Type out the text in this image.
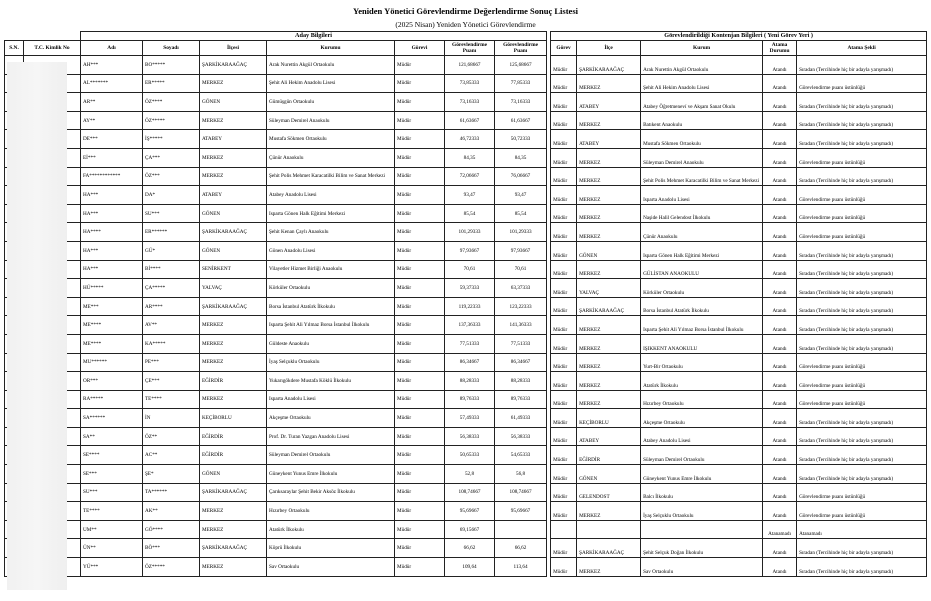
Yeniden Yönetici Görevlendirme Değerlendirme Sonuç Listesi
(2025 Nisan) Yeniden Yönetici Görevlendirme
		Aday Bilgileri								Görevlendirildiği Kontenjan Bilgileri ( Yeni Görev Yeri )				
S.N.	T.C. Kimlik No	Adı	Soyadı	İlçesi	Kurumu	Görevi	Görevlendirme Puanı	Görevlendirme Puanı		Görev	İlçe	Kurum	Atama Durumu	Atama Şekli
		AH***	BO*****	ŞARKİKARAAĞAÇ	Arak Nurettin Akgül Ortaokulu	Müdür	121,68667	125,68667		Müdür	ŞARKİKARAAĞAÇ	Arak Nurettin Akgül Ortaokulu	Atandı	Sıradan (Tercihinde hiç bir adayla yarışmadı)
		AL*******	ER*****	MERKEZ	Şehit Ali Hekim Anadolu Lisesi	Müdür	73,85333	77,85333		Müdür	MERKEZ	Şehit Ali Hekim Anadolu Lisesi	Atandı	Görevlendirme puanı üstünlüğü
		AR**	ÖZ****	GÖNEN	Gümüşgün Ortaokulu	Müdür	73,16333	73,16333		Müdür	ATABEY	Atabey Öğretmeneví ve Akşam Sanat Okulu	Atandı	Sıradan (Tercihinde hiç bir adayla yarışmadı)
		AY**	ÖZ*****	MERKEZ	Süleyman Demirel Anaokulu	Müdür	61,63667	61,63667		Müdür	MERKEZ	Batıkent Anaokulu	Atandı	Sıradan (Tercihinde hiç bir adayla yarışmadı)
		DE***	İŞ*****	ATABEY	Mustafa Sökmen Ortaokulu	Müdür	46,72333	50,72333		Müdür	ATABEY	Mustafa Sökmen Ortaokulu	Atandı	Sıradan (Tercihinde hiç bir adayla yarışmadı)
		Eİ***	ÇA***	MERKEZ	Çünür Anaokulu	Müdür	84,35	84,35		Müdür	MERKEZ	Süleyman Demirel Anaokulu	Atandı	Görevlendirme puanı üstünlüğü
		FA************	ÖZ***	MERKEZ	Şehit Polis Mehmet Karacatilki Bilim ve Sanat Merkezi	Müdür	72,06667	76,06667		Müdür	MERKEZ	Şehit Polis Mehmet Karacatilki Bilim ve Sanat Merkezi	Atandı	Sıradan (Tercihinde hiç bir adayla yarışmadı)
		HA***	DA*	ATABEY	Atabey Anadolu Lisesi	Müdür	93,47	93,47		Müdür	MERKEZ	Isparta Anadolu Lisesi	Atandı	Görevlendirme puanı üstünlüğü
		HA***	SU***	GÖNEN	Isparta Gönen Halk Eğitimi Merkezi	Müdür	85,54	85,54		Müdür	MERKEZ	Naşide Halil Gelendost İlkokulu	Atandı	Görevlendirme puanı üstünlüğü
		HA****	ER******	ŞARKİKARAAĞAÇ	Şehit Kenan Çaylı Anaokulu	Müdür	101,29333	101,29333		Müdür	MERKEZ	Çünür Anaokulu	Atandı	Görevlendirme puanı üstünlüğü
		HA***	GÜ*	GÖNEN	Gönen Anadolu Lisesi	Müdür	97,93667	97,93667		Müdür	GÖNEN	Isparta Gönen Halk Eğitimi Merkezi	Atandı	Sıradan (Tercihinde hiç bir adayla yarışmadı)
		HA***	Bİ****	SENİRKENT	Vilayetler Hizmet Birliği Anaokulu	Müdür	70,61	70,61		Müdür	MERKEZ	GÜLİSTAN ANAOKULU	Atandı	Sıradan (Tercihinde hiç bir adayla yarışmadı)
		HÜ*****	ÇA*****	YALVAÇ	Körküler Ortaokulu	Müdür	59,37333	63,37333		Müdür	YALVAÇ	Körküler Ortaokulu	Atandı	Sıradan (Tercihinde hiç bir adayla yarışmadı)
		ME***	AR****	ŞARKİKARAAĞAÇ	Borsa İstanbul Atatürk İlkokulu	Müdür	119,22333	123,22333		Müdür	ŞARKİKARAAĞAÇ	Borsa İstanbul Atatürk İlkokulu	Atandı	Sıradan (Tercihinde hiç bir adayla yarışmadı)
		ME****	AV**	MERKEZ	Isparta Şehit Ali Yılmaz Borsa İstanbul İlkokulu	Müdür	137,36333	141,36333		Müdür	MERKEZ	Isparta Şehit Ali Yılmaz Borsa İstanbul İlkokulu	Atandı	Sıradan (Tercihinde hiç bir adayla yarışmadı)
		ME****	KA*****	MERKEZ	Güldeste Anaokulu	Müdür	77,51333	77,51333		Müdür	MERKEZ	IŞIKKENT ANAOKULU	Atandı	Sıradan (Tercihinde hiç bir adayla yarışmadı)
		MU******	PE***	MERKEZ	İyaş Selçuklu Ortaokulu	Müdür	86,34667	86,34667		Müdür	MERKEZ	Yurt-Bir Ortaokulu	Atandı	Görevlendirme puanı üstünlüğü
		OR***	ÇE***	EĞİRDİR	Yukarıgökdere Mustafa Köklü İlkokulu	Müdür	88,28333	88,28333		Müdür	MERKEZ	Atatürk İlkokulu	Atandı	Görevlendirme puanı üstünlüğü
		RA*****	TE****	MERKEZ	Isparta Anadolu Lisesi	Müdür	89,76333	89,76333		Müdür	MERKEZ	Hızırbey Ortaokulu	Atandı	Görevlendirme puanı üstünlüğü
		SA******	İN	KEÇİBORLU	Akçeşme Ortaokulu	Müdür	57,49333	61,49333		Müdür	KEÇİBORLU	Akçeşme Ortaokulu	Atandı	Sıradan (Tercihinde hiç bir adayla yarışmadı)
		SA**	ÖZ**	EĞİRDİR	Prof. Dr. Turan Yazgan Anadolu Lisesi	Müdür	56,38333	56,38333		Müdür	ATABEY	Atabey Anadolu Lisesi	Atandı	Sıradan (Tercihinde hiç bir adayla yarışmadı)
		SE****	AC**	EĞİRDİR	Süleyman Demirel Ortaokulu	Müdür	50,65333	54,65333		Müdür	EĞİRDİR	Süleyman Demirel Ortaokulu	Atandı	Sıradan (Tercihinde hiç bir adayla yarışmadı)
		SE***	ŞE*	GÖNEN	Güneykent Yunus Emre İlkokulu	Müdür	52,8	56,8		Müdür	GÖNEN	Güneykent Yunus Emre İlkokulu	Atandı	Sıradan (Tercihinde hiç bir adayla yarışmadı)
		SU***	TA******	ŞARKİKARAAĞAÇ	Çarıksaraylar Şehit Bekir Aksöz İlkokulu	Müdür	108,74667	108,74667		Müdür	GELENDOST	Balcı İlkokulu	Atandı	Görevlendirme puanı üstünlüğü
		TE****	AK**	MERKEZ	Hızırbey Ortaokulu	Müdür	95,69667	95,69667		Müdür	MERKEZ	İyaş Selçuklu Ortaokulu	Atandı	Görevlendirme puanı üstünlüğü
		UM**	GÖ****	MERKEZ	Atatürk İlkokulu	Müdür	69,15667						Atanamadı	Atanamadı
		ÜN**	BÖ***	ŞARKİKARAAĞAÇ	Köprü İlkokulu	Müdür	66,62	66,62		Müdür	ŞARKİKARAAĞAÇ	Şehit Selçuk Doğan İlkokulu	Atandı	Sıradan (Tercihinde hiç bir adayla yarışmadı)
		YÜ***	ÖZ*****	MERKEZ	Sav Ortaokulu	Müdür	109,64	113,64		Müdür	MERKEZ	Sav Ortaokulu	Atandı	Sıradan (Tercihinde hiç bir adayla yarışmadı)
